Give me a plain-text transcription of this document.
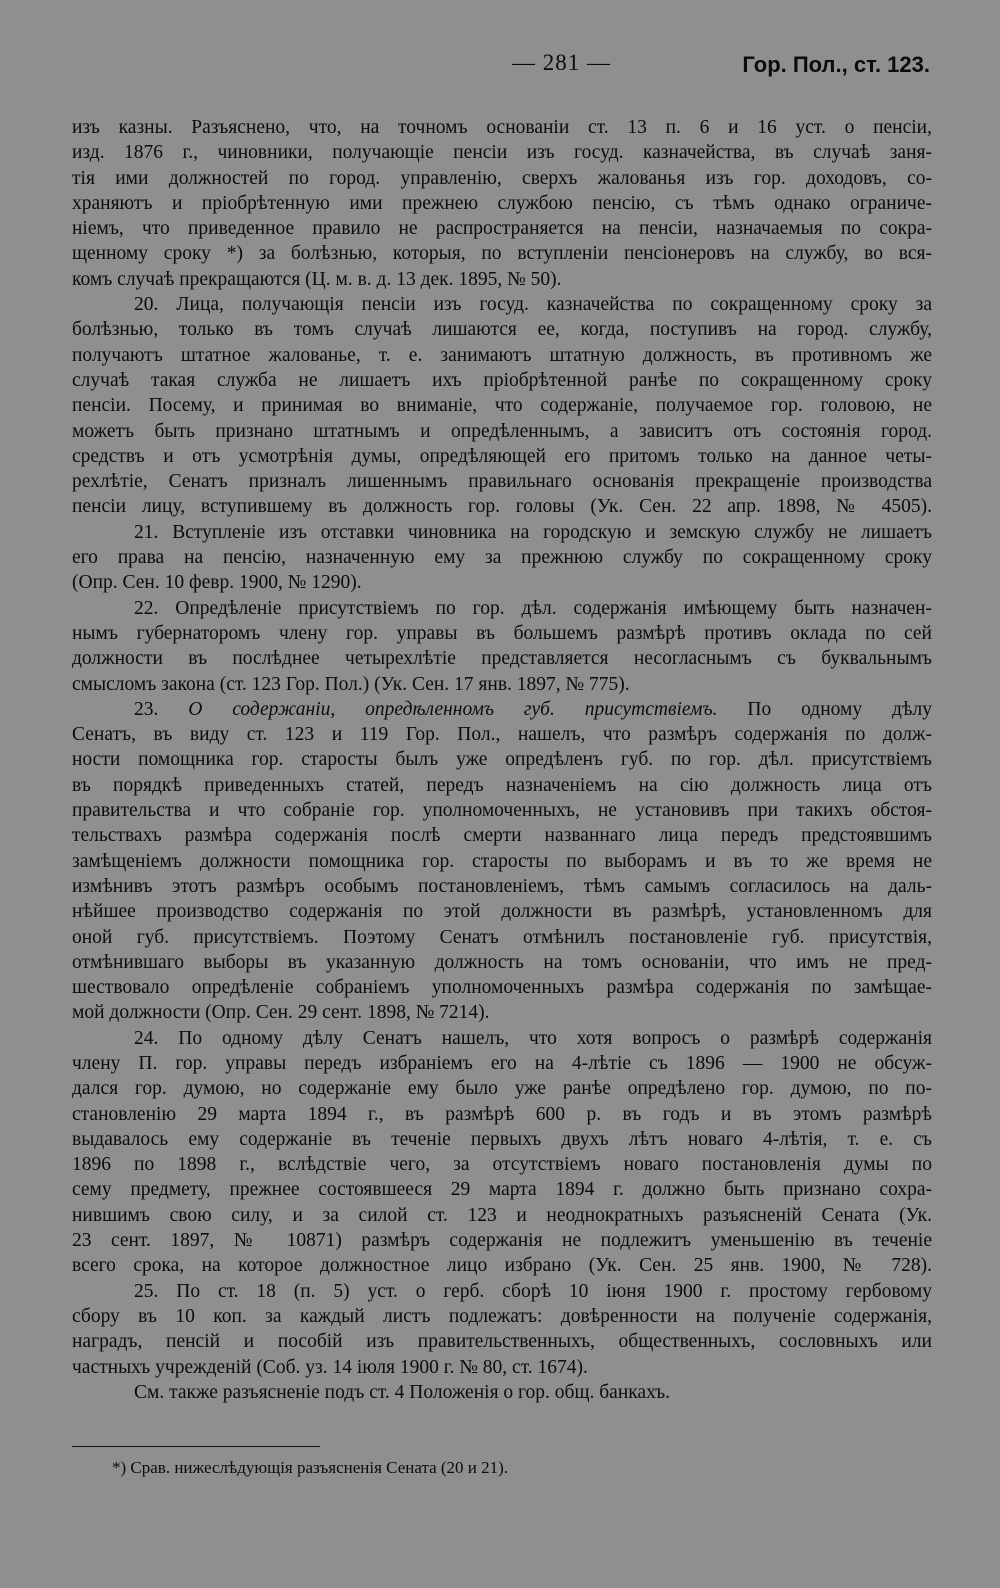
— 281 —	Гор. Пол., ст. 123.
изъ казны. Разъяснено, что, на точномъ основаніи ст. 13 п. 6 и 16 уст. о пенсіи,
изд. 1876 г., чиновники, получающіе пенсіи изъ госуд. казначейства, въ случаѣ заня-
тія ими должностей по город. управленію, сверхъ жалованья изъ гор. доходовъ, со-
храняютъ и пріобрѣтенную ими прежнею службою пенсію, съ тѣмъ однако ограниче-
ніемъ, что приведенное правило не распространяется на пенсіи, назначаемыя по сокра-
щенному сроку *) за болѣзнью, которыя, по вступленіи пенсіонеровъ на службу, во вся-
комъ случаѣ прекращаются (Ц. м. в. д. 13 дек. 1895, № 50).
20. Лица, получающія пенсіи изъ госуд. казначейства по сокращенному сроку за
болѣзнью, только въ томъ случаѣ лишаются ее, когда, поступивъ на город. службу,
получаютъ штатное жалованье, т. е. занимаютъ штатную должность, въ противномъ же
случаѣ такая служба не лишаетъ ихъ пріобрѣтенной ранѣе по сокращенному сроку
пенсіи. Посему, и принимая во вниманіе, что содержаніе, получаемое гор. головою, не
можетъ быть признано штатнымъ и опредѣленнымъ, а зависитъ отъ состоянія город.
средствъ и отъ усмотрѣнія думы, опредѣляющей его притомъ только на данное четы-
рехлѣтіе, Сенатъ призналъ лишеннымъ правильнаго основанія прекращеніе производства
пенсіи лицу, вступившему въ должность гор. головы (Ук. Сен. 22 апр. 1898, № 4505).
21. Вступленіе изъ отставки чиновника на городскую и земскую службу не лишаетъ
его права на пенсію, назначенную ему за прежнюю службу по сокращенному сроку
(Опр. Сен. 10 февр. 1900, № 1290).
22. Опредѣленіе присутствіемъ по гор. дѣл. содержанія имѣющему быть назначен-
нымъ губернаторомъ члену гор. управы въ большемъ размѣрѣ противъ оклада по сей
должности въ послѣднее четырехлѣтіе представляется несогласнымъ съ буквальнымъ
смысломъ закона (ст. 123 Гор. Пол.) (Ук. Сен. 17 янв. 1897, № 775).
23. О содержаніи, опредѣленномъ губ. присутствіемъ. По одному дѣлу
Сенатъ, въ виду ст. 123 и 119 Гор. Пол., нашелъ, что размѣръ содержанія по долж-
ности помощника гор. старосты былъ уже опредѣленъ губ. по гор. дѣл. присутствіемъ
въ порядкѣ приведенныхъ статей, передъ назначеніемъ на сію должность лица отъ
правительства и что собраніе гор. уполномоченныхъ, не установивъ при такихъ обстоя-
тельствахъ размѣра содержанія послѣ смерти названнаго лица передъ предстоявшимъ
замѣщеніемъ должности помощника гор. старосты по выборамъ и въ то же время не
измѣнивъ этотъ размѣръ особымъ постановленіемъ, тѣмъ самымъ согласилось на даль-
нѣйшее производство содержанія по этой должности въ размѣрѣ, установленномъ для
оной губ. присутствіемъ. Поэтому Сенатъ отмѣнилъ постановленіе губ. присутствія,
отмѣнившаго выборы въ указанную должность на томъ основаніи, что имъ не пред-
шествовало опредѣленіе собраніемъ уполномоченныхъ размѣра содержанія по замѣщае-
мой должности (Опр. Сен. 29 сент. 1898, № 7214).
24. По одному дѣлу Сенатъ нашелъ, что хотя вопросъ о размѣрѣ содержанія
члену П. гор. управы передъ избраніемъ его на 4-лѣтіе съ 1896 — 1900 не обсуж-
дался гор. думою, но содержаніе ему было уже ранѣе опредѣлено гор. думою, по по-
становленію 29 марта 1894 г., въ размѣрѣ 600 р. въ годъ и въ этомъ размѣрѣ
выдавалось ему содержаніе въ теченіе первыхъ двухъ лѣтъ новаго 4-лѣтія, т. е. съ
1896 по 1898 г., вслѣдствіе чего, за отсутствіемъ новаго постановленія думы по
сему предмету, прежнее состоявшееся 29 марта 1894 г. должно быть признано сохра-
нившимъ свою силу, и за силой ст. 123 и неоднократныхъ разъясненій Сената (Ук.
23 сент. 1897, № 10871) размѣръ содержанія не подлежитъ уменьшенію въ теченіе
всего срока, на которое должностное лицо избрано (Ук. Сен. 25 янв. 1900, № 728).
25. По ст. 18 (п. 5) уст. о герб. сборѣ 10 іюня 1900 г. простому гербовому
сбору въ 10 коп. за каждый листъ подлежатъ: довѣренности на полученіе содержанія,
наградъ, пенсій и пособій изъ правительственныхъ, общественныхъ, сословныхъ или
частныхъ учрежденій (Соб. уз. 14 іюля 1900 г. № 80, ст. 1674).
См. также разъясненіе подъ ст. 4 Положенія о гор. общ. банкахъ.
*) Срав. нижеслѣдующія разъясненія Сената (20 и 21).
